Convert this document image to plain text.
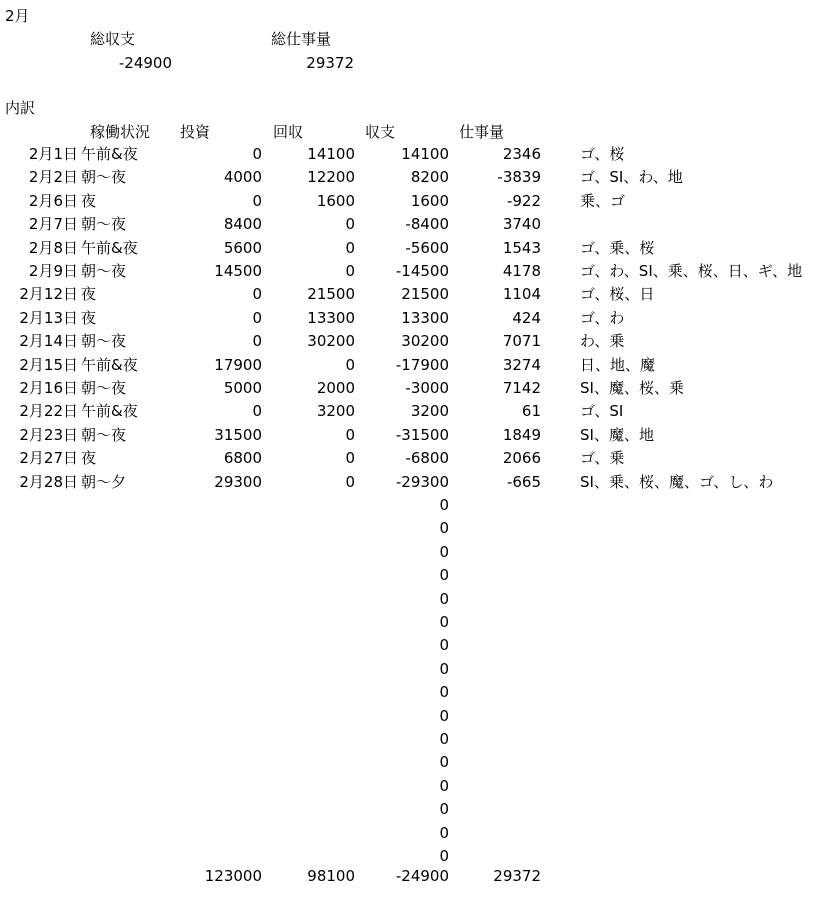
2月
総収支	総仕事量
-24900	29372
内訳
稼働状況 投資	回収	収支	仕事量
2月1日 午前&夜	0	14100	14100	2346	ゴ、桜
2月2日 朝〜夜	4000	12200	8200	-3839	ゴ、SI、わ、地
2月6日 夜	0	1600	1600	-922	乗、ゴ
2月7日 朝〜夜	8400	0	-8400	3740
2月8日 午前&夜	5600	0	-5600	1543	ゴ、乗、桜
2月9日 朝〜夜	14500	0	-14500	4178	ゴ、わ、SI、乗、桜、日、ギ、地
2月12日 夜	0	21500	21500	1104	ゴ、桜、日
2月13日 夜	0	13300	13300	424	ゴ、わ
2月14日 朝〜夜	0	30200	30200	7071	わ、乗
2月15日 午前&夜	17900	0	-17900	3274	日、地、魔
2月16日 朝〜夜	5000	2000	-3000	7142	SI、魔、桜、乗
2月22日 午前&夜	0	3200	3200	61	ゴ、SI
2月23日 朝〜夜	31500	0	-31500	1849	SI、魔、地
2月27日 夜	6800	0	-6800	2066	ゴ、乗
2月28日 朝〜夕	29300	0	-29300	-665	SI、乗、桜、魔、ゴ、し、わ
0
0
0
0
0
0
0
0
0
0
0
0
0
0
0
0
123000	98100	-24900	29372
